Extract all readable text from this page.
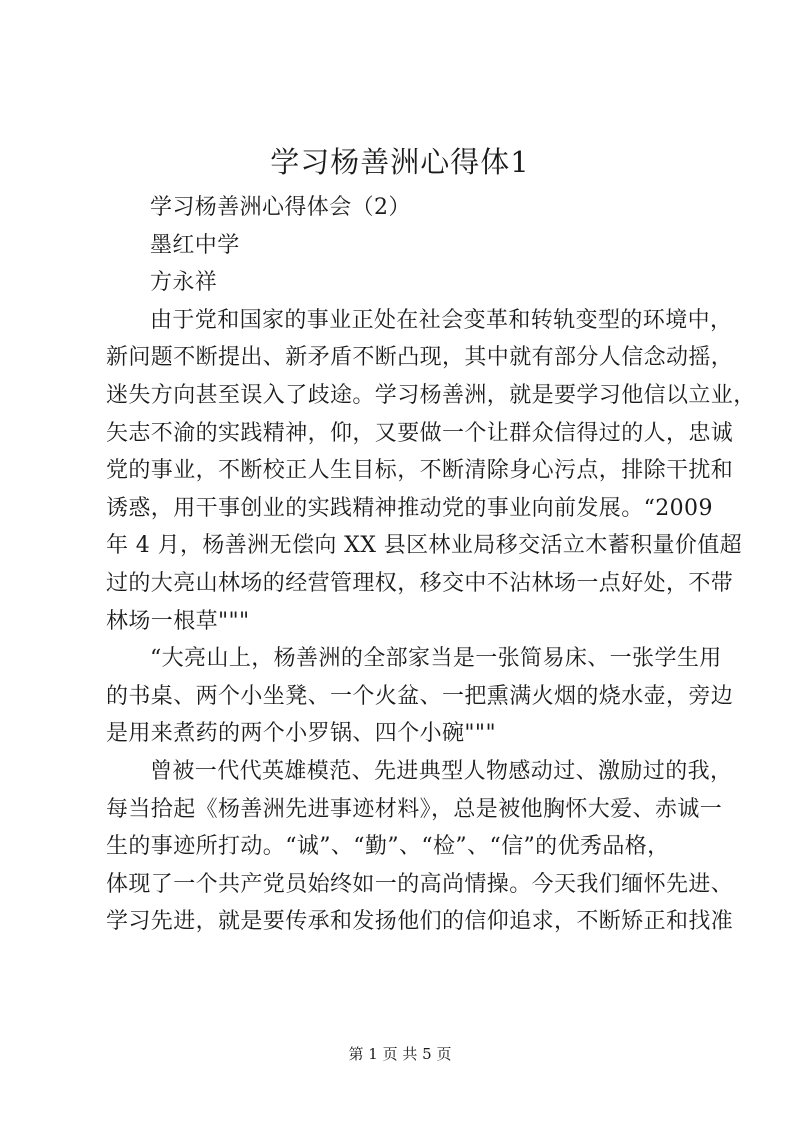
学习杨善洲心得体1
学习杨善洲心得体会（2）
墨红中学
方永祥
由于党和国家的事业正处在社会变革和转轨变型的环境中，
新问题不断提出、新矛盾不断凸现，其中就有部分人信念动摇，
迷失方向甚至误入了歧途。学习杨善洲，就是要学习他信以立业，
矢志不渝的实践精神，仰，又要做一个让群众信得过的人，忠诚
党的事业，不断校正人生目标，不断清除身心污点，排除干扰和
诱惑，用干事创业的实践精神推动党的事业向前发展。“2009
年 4 月，杨善洲无偿向 XX 县区林业局移交活立木蓄积量价值超
过的大亮山林场的经营管理权，移交中不沾林场一点好处，不带
林场一根草"""
“大亮山上，杨善洲的全部家当是一张简易床、一张学生用
的书桌、两个小坐凳、一个火盆、一把熏满火烟的烧水壶，旁边
是用来煮药的两个小罗锅、四个小碗"""
曾被一代代英雄模范、先进典型人物感动过、激励过的我，
每当拾起《杨善洲先进事迹材料》，总是被他胸怀大爱、赤诚一
生的事迹所打动。“诚”、“勤”、“检”、“信”的优秀品格，
体现了一个共产党员始终如一的高尚情操。今天我们缅怀先进、
学习先进，就是要传承和发扬他们的信仰追求，不断矫正和找准
第 1 页 共 5 页
